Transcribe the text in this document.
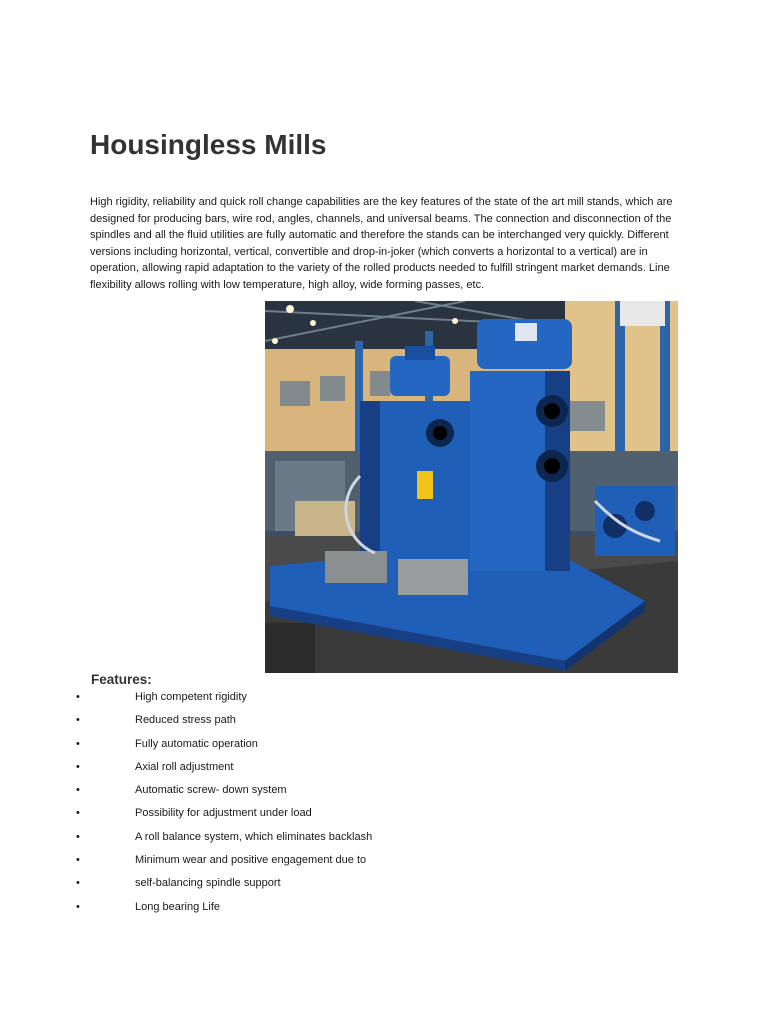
Housingless Mills

High rigidity, reliability and quick roll change capabilities are the key features of the state of the art mill stands, which are designed for producing bars, wire rod, angles, channels, and universal beams. The connection and disconnection of the spindles and all the fluid utilities are fully automatic and therefore the stands can be interchanged very quickly. Different versions including horizontal, vertical, convertible and drop-in-joker (which converts a horizontal to a vertical) are in operation, allowing rapid adaptation to the variety of the rolled products needed to fulfill stringent market demands. Line flexibility allows rolling with low temperature, high alloy, wide forming passes, etc.

Features:
•	High competent rigidity
•	Reduced stress path
•	Fully automatic operation
•	Axial roll adjustment
•	Automatic screw- down system
•	Possibility for adjustment under load
•	A roll balance system, which eliminates backlash
•	Minimum wear and positive engagement due to
•	self-balancing spindle support
•	Long bearing Life
